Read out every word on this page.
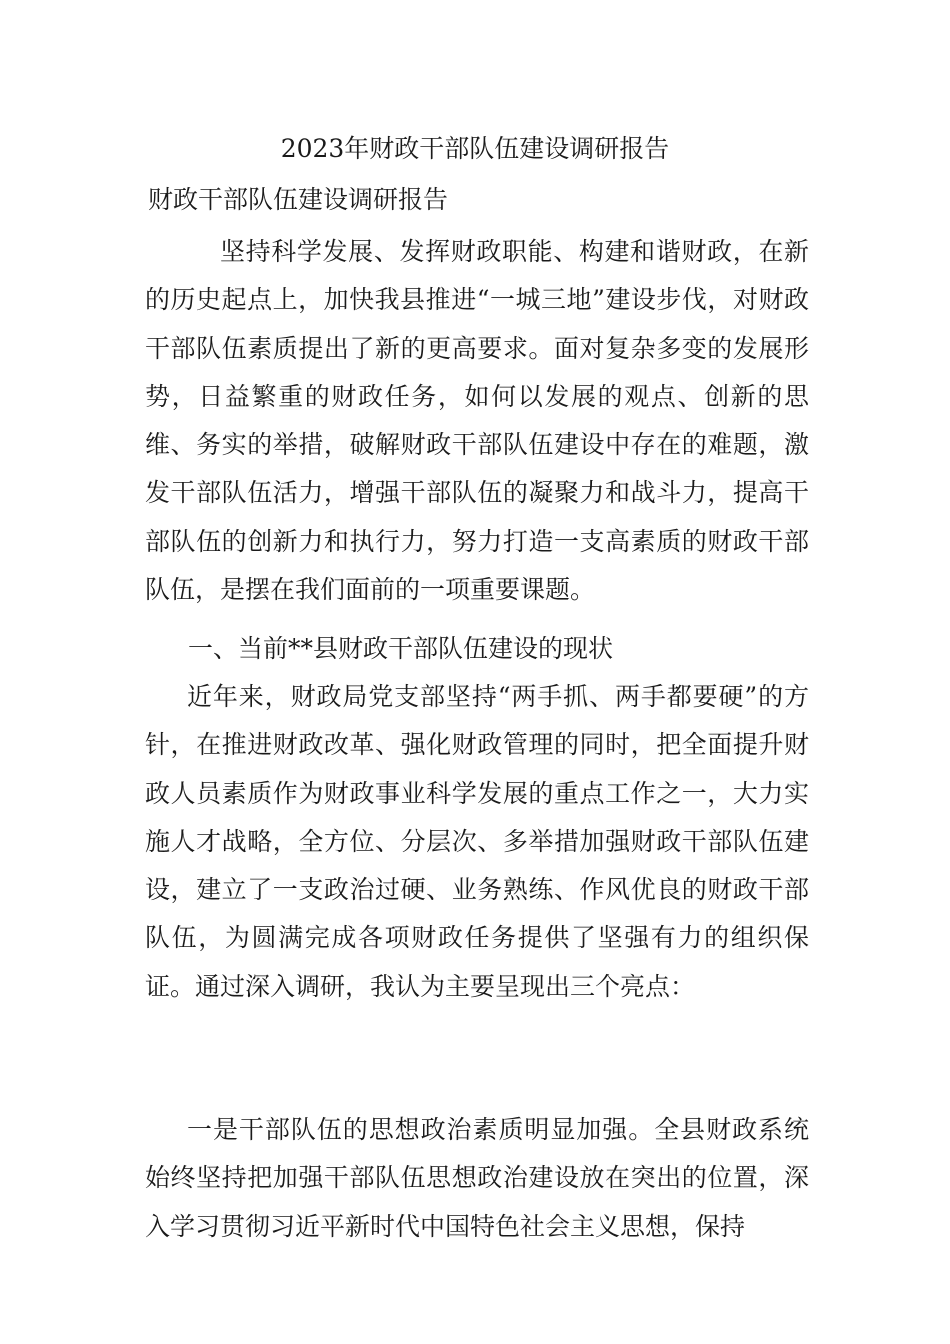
2023年财政干部队伍建设调研报告
财政干部队伍建设调研报告

坚持科学发展、发挥财政职能、构建和谐财政，在新的历史起点上，加快我县推进“一城三地”建设步伐，对财政干部队伍素质提出了新的更高要求。面对复杂多变的发展形势，日益繁重的财政任务，如何以发展的观点、创新的思维、务实的举措，破解财政干部队伍建设中存在的难题，激发干部队伍活力，增强干部队伍的凝聚力和战斗力，提高干部队伍的创新力和执行力，努力打造一支高素质的财政干部队伍，是摆在我们面前的一项重要课题。

一、当前**县财政干部队伍建设的现状

近年来，财政局党支部坚持“两手抓、两手都要硬”的方针，在推进财政改革、强化财政管理的同时，把全面提升财政人员素质作为财政事业科学发展的重点工作之一，大力实施人才战略，全方位、分层次、多举措加强财政干部队伍建设，建立了一支政治过硬、业务熟练、作风优良的财政干部队伍，为圆满完成各项财政任务提供了坚强有力的组织保证。通过深入调研，我认为主要呈现出三个亮点：

一是干部队伍的思想政治素质明显加强。全县财政系统始终坚持把加强干部队伍思想政治建设放在突出的位置，深入学习贯彻习近平新时代中国特色社会主义思想，保持
